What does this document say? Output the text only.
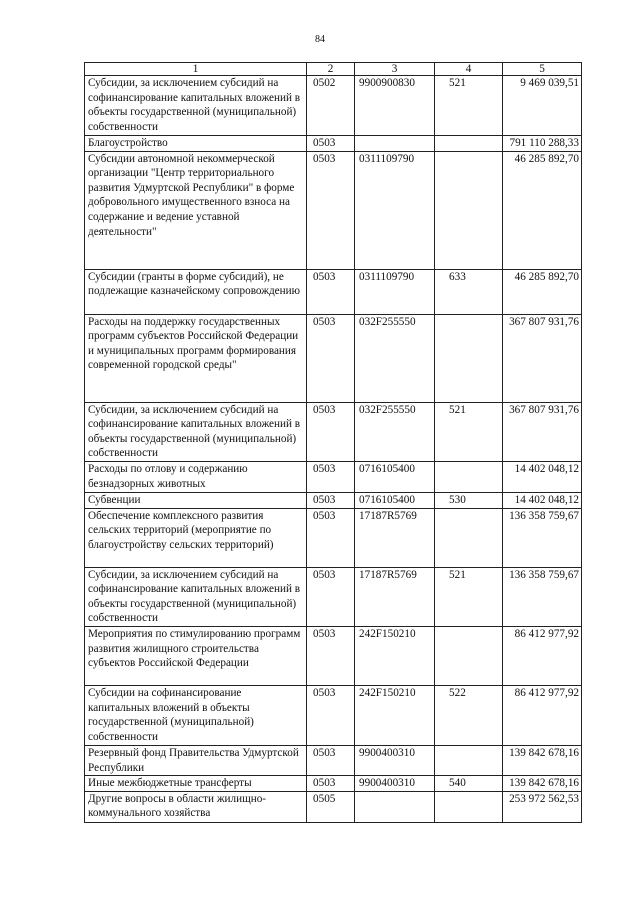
84
1	2	3	4	5
Субсидии, за исключением субсидий на софинансирование капитальных вложений в объекты государственной (муниципальной) собственности	0502	9900900830	521	9 469 039,51
Благоустройство	0503			791 110 288,33
Субсидии автономной некоммерческой организации "Центр территориального развития Удмуртской Республики" в форме добровольного имущественного взноса на содержание и ведение уставной деятельности"	0503	0311109790		46 285 892,70
Субсидии (гранты в форме субсидий), не подлежащие казначейскому сопровождению	0503	0311109790	633	46 285 892,70
Расходы на поддержку государственных программ субъектов Российской Федерации и муниципальных программ формирования современной городской среды"	0503	032F255550		367 807 931,76
Субсидии, за исключением субсидий на софинансирование капитальных вложений в объекты государственной (муниципальной) собственности	0503	032F255550	521	367 807 931,76
Расходы по отлову и содержанию безнадзорных животных	0503	0716105400		14 402 048,12
Субвенции	0503	0716105400	530	14 402 048,12
Обеспечение комплексного развития сельских территорий (мероприятие по благоустройству сельских территорий)	0503	17187R5769		136 358 759,67
Субсидии, за исключением субсидий на софинансирование капитальных вложений в объекты государственной (муниципальной) собственности	0503	17187R5769	521	136 358 759,67
Мероприятия по стимулированию программ развития жилищного строительства субъектов Российской Федерации	0503	242F150210		86 412 977,92
Субсидии на софинансирование капитальных вложений в объекты государственной (муниципальной) собственности	0503	242F150210	522	86 412 977,92
Резервный фонд Правительства Удмуртской Республики	0503	9900400310		139 842 678,16
Иные межбюджетные трансферты	0503	9900400310	540	139 842 678,16
Другие вопросы в области жилищно-коммунального хозяйства	0505			253 972 562,53
